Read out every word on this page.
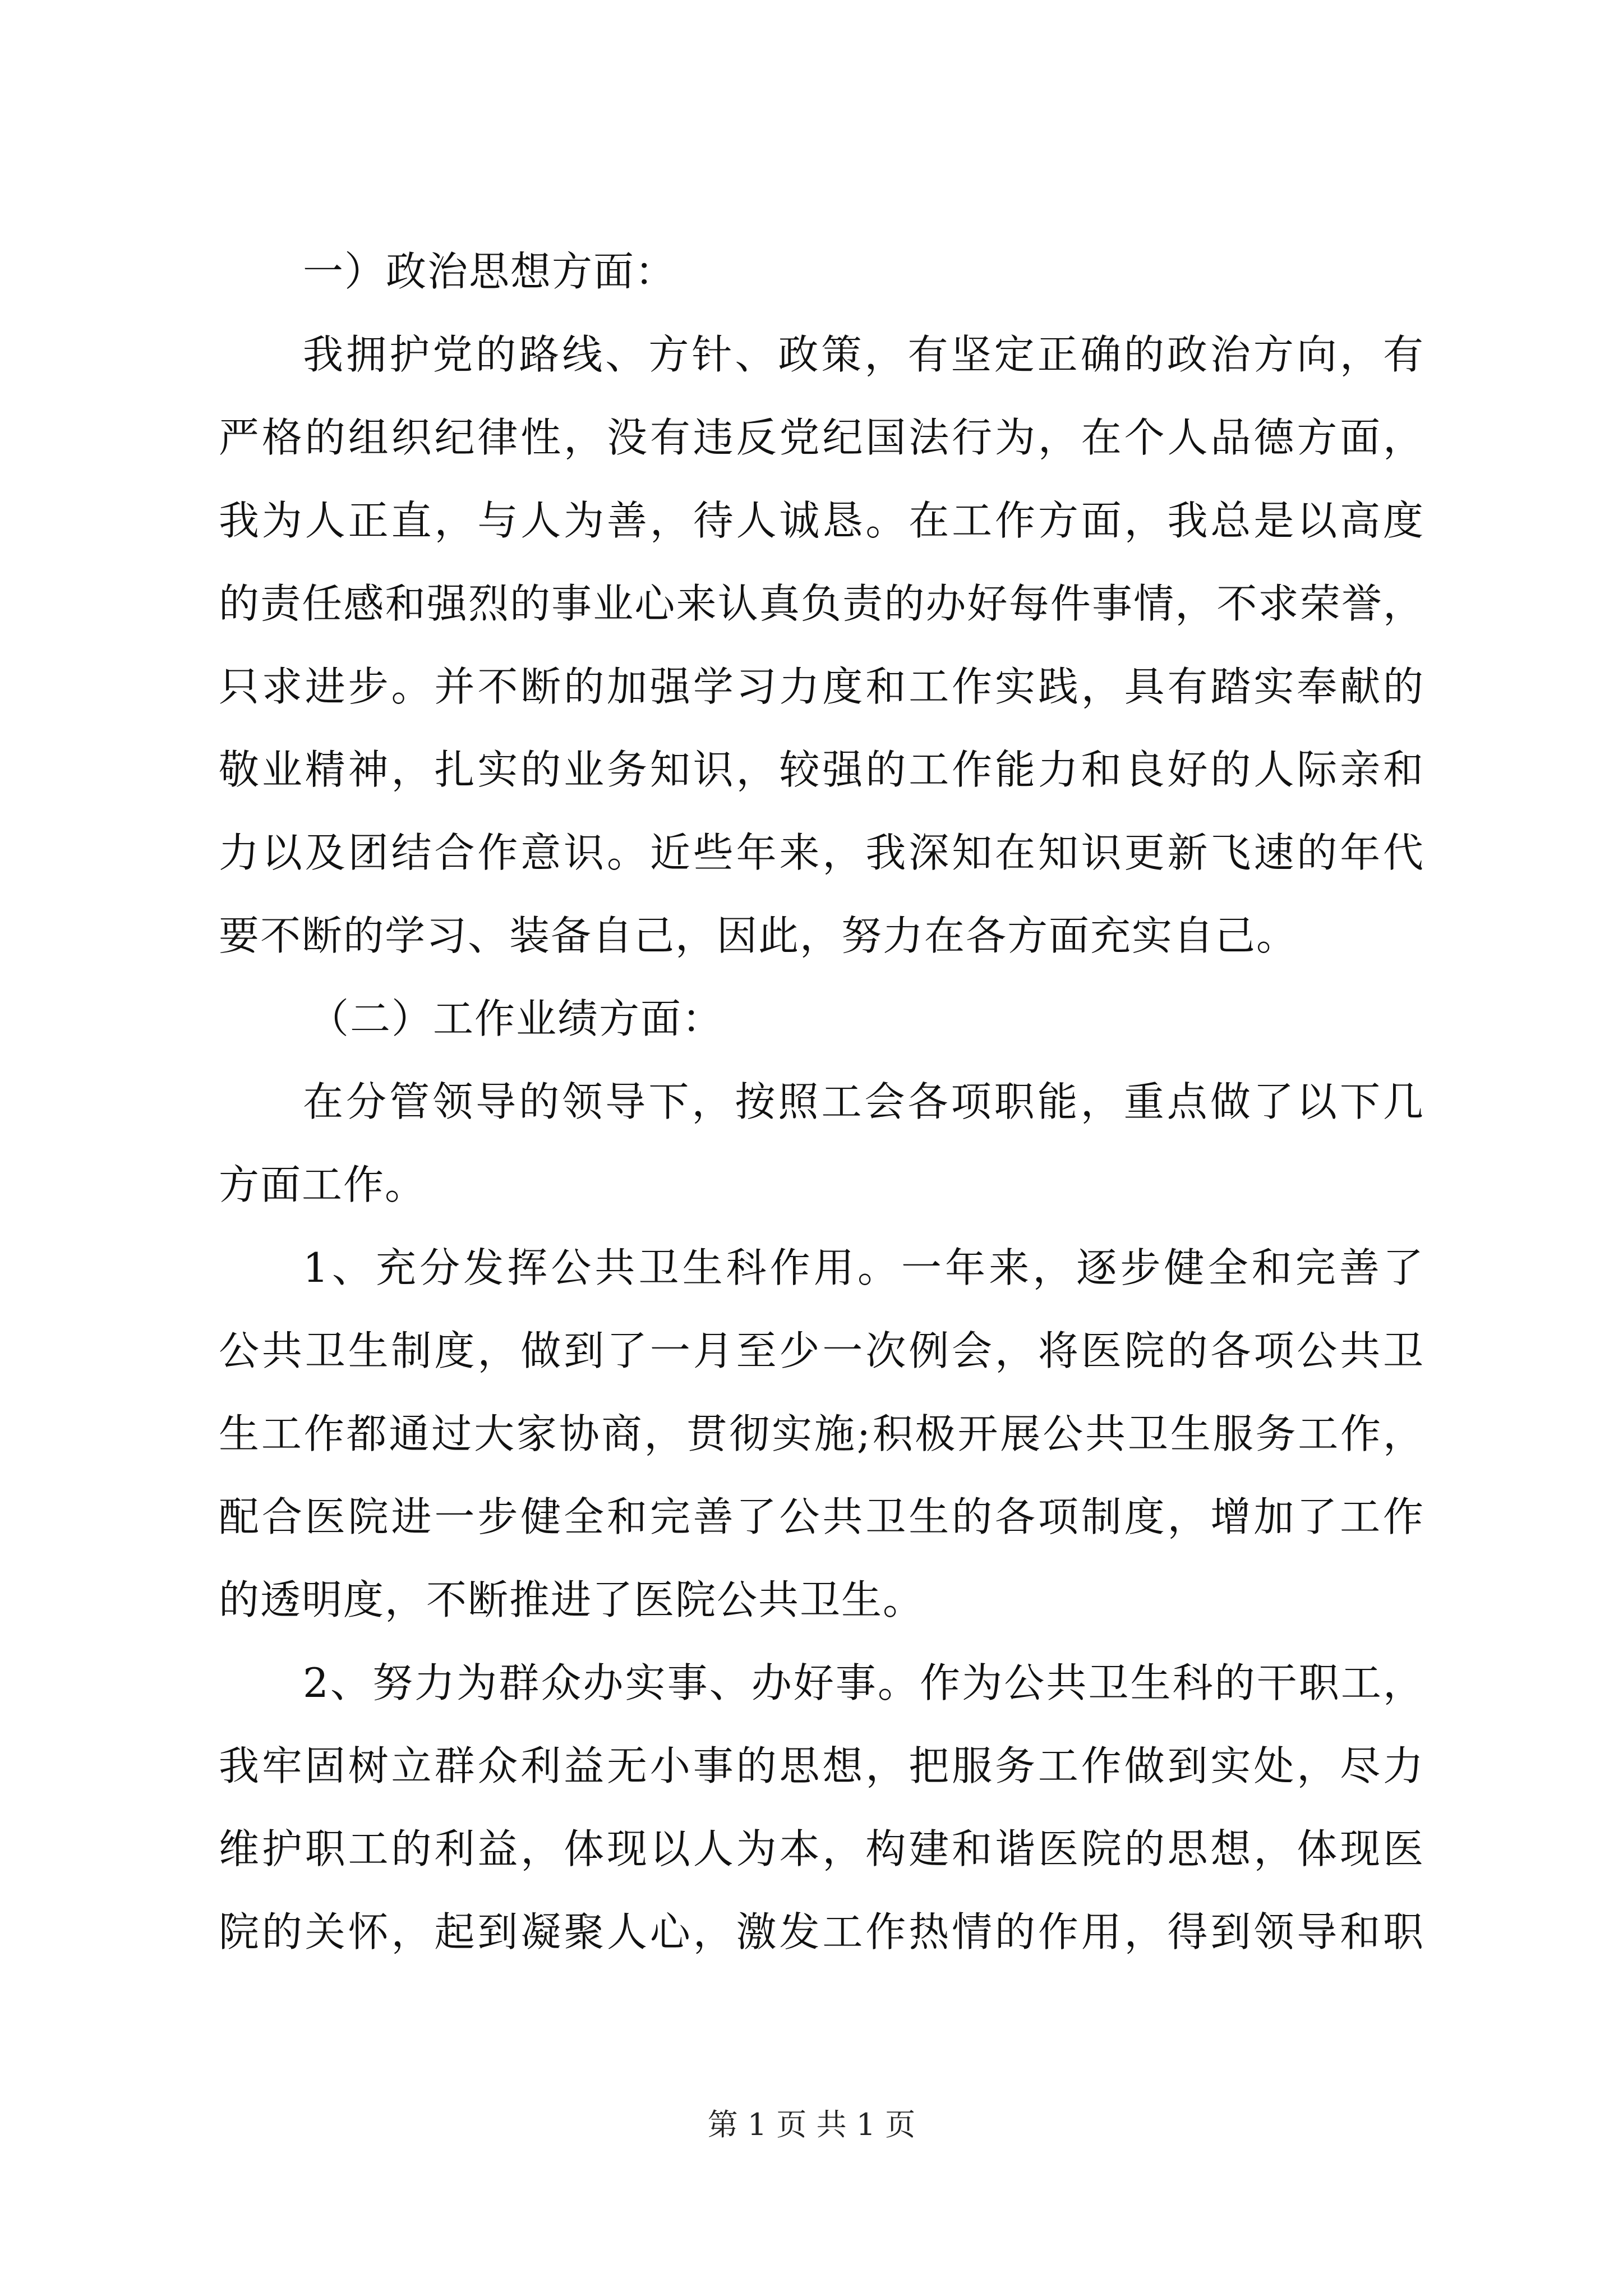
一）政治思想方面：
我拥护党的路线、方针、政策，有坚定正确的政治方向，有
严格的组织纪律性，没有违反党纪国法行为，在个人品德方面，
我为人正直，与人为善，待人诚恳。在工作方面，我总是以高度
的责任感和强烈的事业心来认真负责的办好每件事情，不求荣誉，
只求进步。并不断的加强学习力度和工作实践，具有踏实奉献的
敬业精神，扎实的业务知识，较强的工作能力和良好的人际亲和
力以及团结合作意识。近些年来，我深知在知识更新飞速的年代
要不断的学习、装备自己，因此，努力在各方面充实自己。
（二）工作业绩方面：
在分管领导的领导下，按照工会各项职能，重点做了以下几
方面工作。
1、充分发挥公共卫生科作用。一年来，逐步健全和完善了
公共卫生制度，做到了一月至少一次例会，将医院的各项公共卫
生工作都通过大家协商，贯彻实施;积极开展公共卫生服务工作，
配合医院进一步健全和完善了公共卫生的各项制度，增加了工作
的透明度，不断推进了医院公共卫生。
2、努力为群众办实事、办好事。作为公共卫生科的干职工，
我牢固树立群众利益无小事的思想，把服务工作做到实处，尽力
维护职工的利益，体现以人为本，构建和谐医院的思想，体现医
院的关怀，起到凝聚人心，激发工作热情的作用，得到领导和职
第 1 页 共 1 页
